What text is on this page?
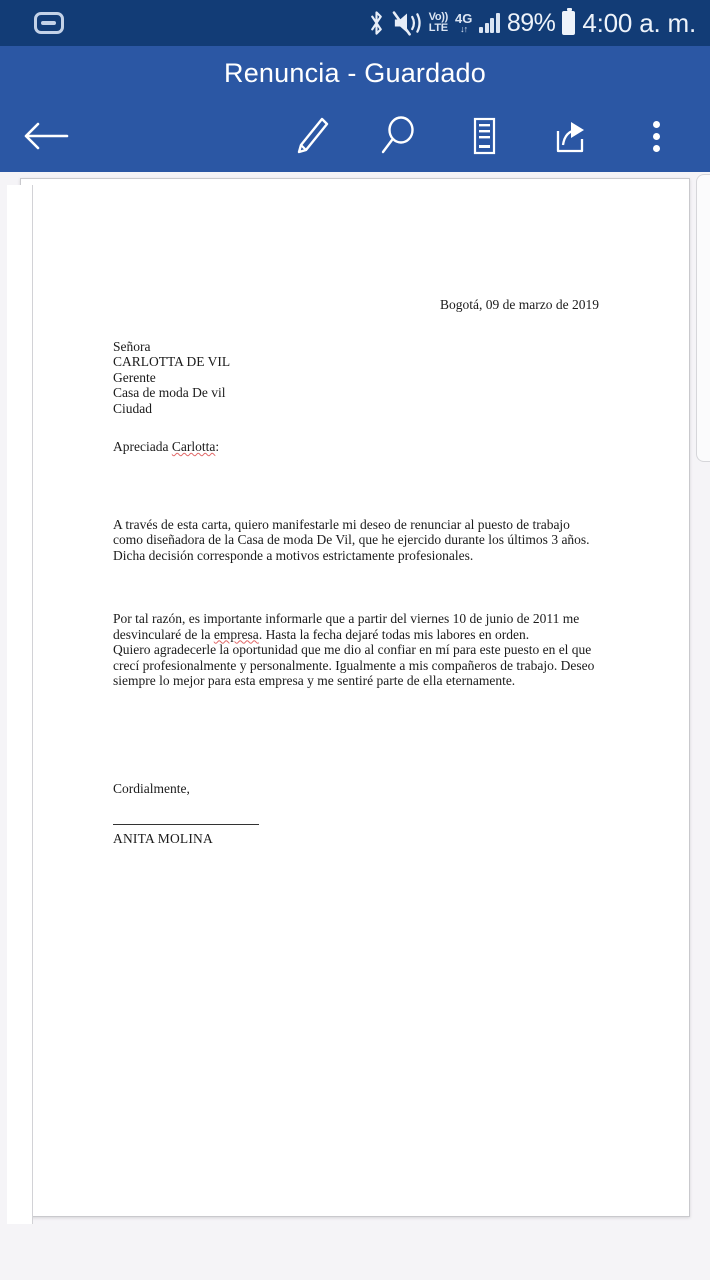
Vo))
LTE
4G
↓↑ 89% 4:00 a. m.
Renuncia - Guardado
Bogotá, 09 de marzo de 2019
Señora
CARLOTTA DE VIL
Gerente
Casa de moda De vil
Ciudad
Apreciada Carlotta:

A través de esta carta, quiero manifestarle mi deseo de renunciar al puesto de trabajo como diseñadora de la Casa de moda De Vil, que he ejercido durante los últimos 3 años. Dicha decisión corresponde a motivos estrictamente profesionales.

Por tal razón, es importante informarle que a partir del viernes 10 de junio de 2011 me desvincularé de la empresa. Hasta la fecha dejaré todas mis labores en orden.

Quiero agradecerle la oportunidad que me dio al confiar en mí para este puesto en el que crecí profesionalmente y personalmente. Igualmente a mis compañeros de trabajo. Deseo siempre lo mejor para esta empresa y me sentiré parte de ella eternamente.

Cordialmente,
ANITA MOLINA
